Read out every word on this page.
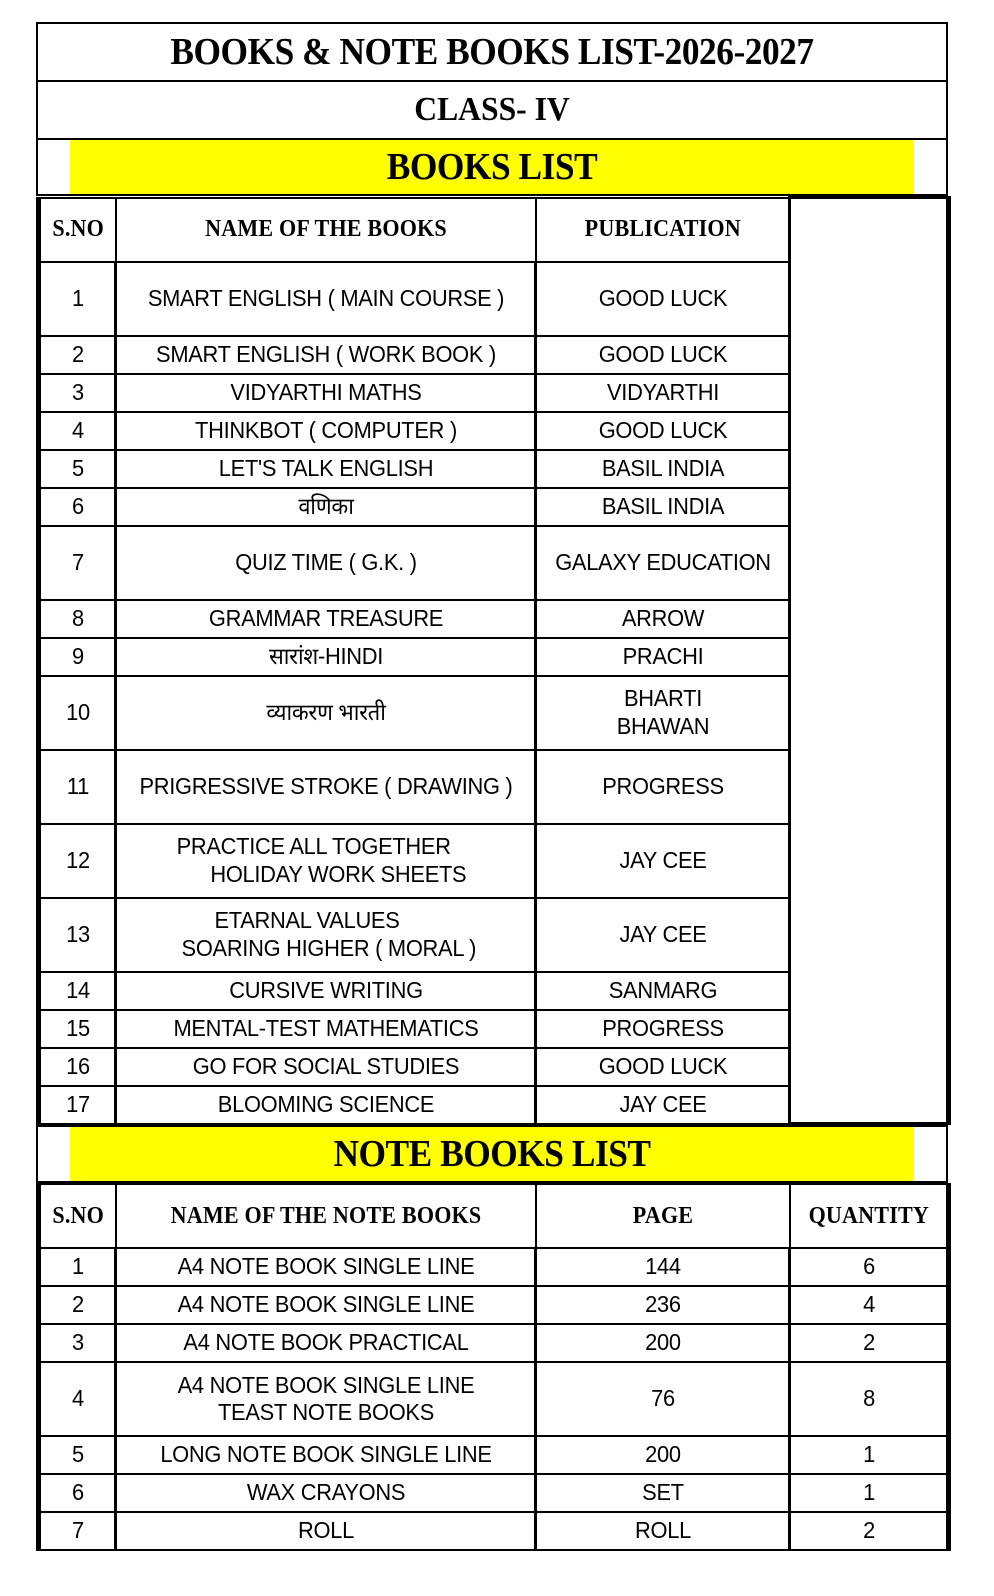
BOOKS & NOTE BOOKS LIST-2026-2027
CLASS- IV
BOOKS LIST
S.NO	NAME OF THE BOOKS	PUBLICATION	
1	SMART ENGLISH ( MAIN COURSE )	GOOD LUCK	
2	SMART ENGLISH ( WORK BOOK )	GOOD LUCK	
3	VIDYARTHI MATHS	VIDYARTHI	
4	THINKBOT ( COMPUTER )	GOOD LUCK	
5	LET'S TALK ENGLISH	BASIL INDIA	
6	वणिका	BASIL INDIA	
7	QUIZ TIME ( G.K. )	GALAXY EDUCATION	
8	GRAMMAR TREASURE	ARROW	
9	सारांश-HINDI	PRACHI	
10	व्याकरण भारती	BHARTI
BHAWAN	

11	PRIGRESSIVE STROKE ( DRAWING )	PROGRESS	
12	PRACTICE ALL TOGETHER
HOLIDAY WORK SHEETS	JAY CEE	
13	ETARNAL VALUES
SOARING HIGHER ( MORAL )	JAY CEE	
14	CURSIVE WRITING	SANMARG	
15	MENTAL-TEST MATHEMATICS	PROGRESS	
16	GO FOR SOCIAL STUDIES	GOOD LUCK	
17	BLOOMING SCIENCE	JAY CEE	
NOTE BOOKS LIST
S.NO	NAME OF THE NOTE BOOKS	PAGE	QUANTITY
1	A4 NOTE BOOK SINGLE LINE	144	6
2	A4 NOTE BOOK SINGLE LINE	236	4
3	A4 NOTE BOOK PRACTICAL	200	2
4	A4 NOTE BOOK SINGLE LINE
TEAST NOTE BOOKS	76	8
5	LONG NOTE BOOK SINGLE LINE	200	1
6	WAX CRAYONS	SET	1
7	ROLL	ROLL	2
